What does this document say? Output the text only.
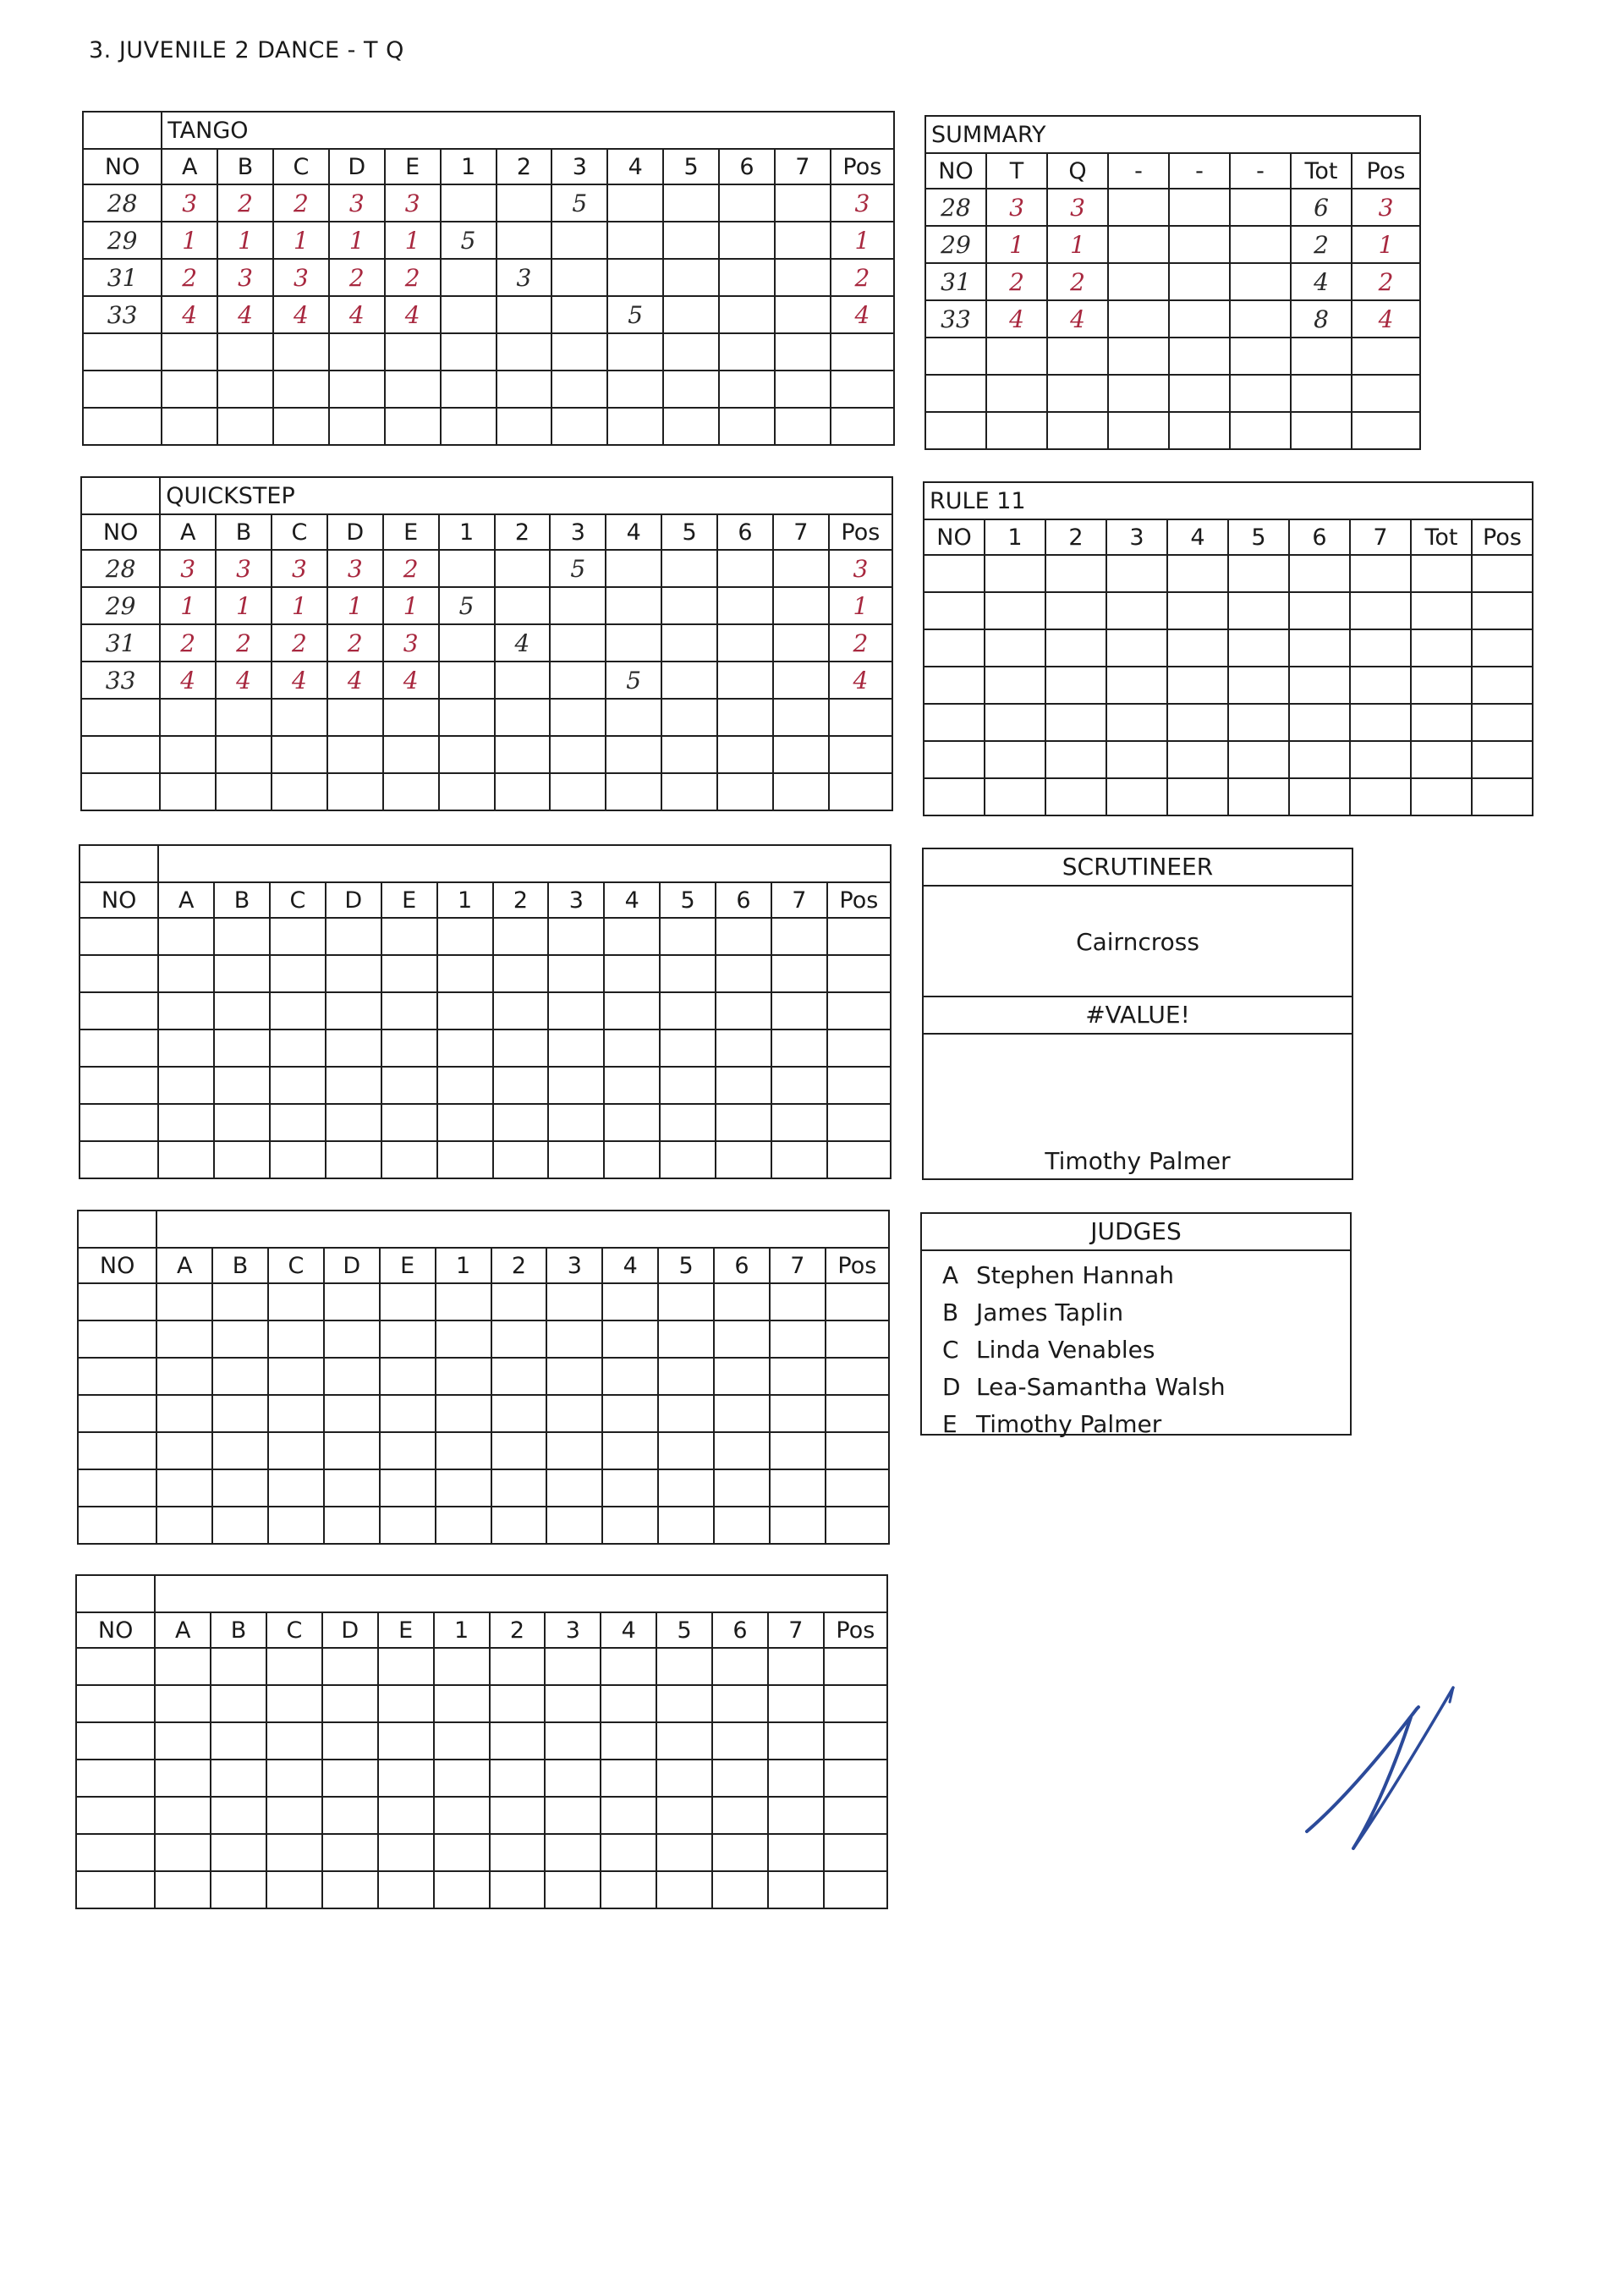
3. JUVENILE 2 DANCE - T Q
	TANGO												
NO	A	B	C	D	E	1	2	3	4	5	6	7	Pos
28	3	2	2	3	3			5					3
29	1	1	1	1	1	5							1
31	2	3	3	2	2		3						2
33	4	4	4	4	4				5				4

	QUICKSTEP												
NO	A	B	C	D	E	1	2	3	4	5	6	7	Pos
28	3	3	3	3	2			5					3
29	1	1	1	1	1	5							1
31	2	2	2	2	3		4						2
33	4	4	4	4	4				5				4

NO	A	B	C	D	E	1	2	3	4	5	6	7	Pos

NO	A	B	C	D	E	1	2	3	4	5	6	7	Pos

NO	A	B	C	D	E	1	2	3	4	5	6	7	Pos

SUMMARY							
NO	T	Q	-	-	-	Tot	Pos
28	3	3				6	3
29	1	1				2	1
31	2	2				4	2
33	4	4				8	4

RULE 11									
NO	1	2	3	4	5	6	7	Tot	Pos

SCRUTINEER
Cairncross
#VALUE!
Timothy Palmer
JUDGES
A Stephen Hannah
B James Taplin
C Linda Venables
D Lea-Samantha Walsh
E Timothy Palmer
